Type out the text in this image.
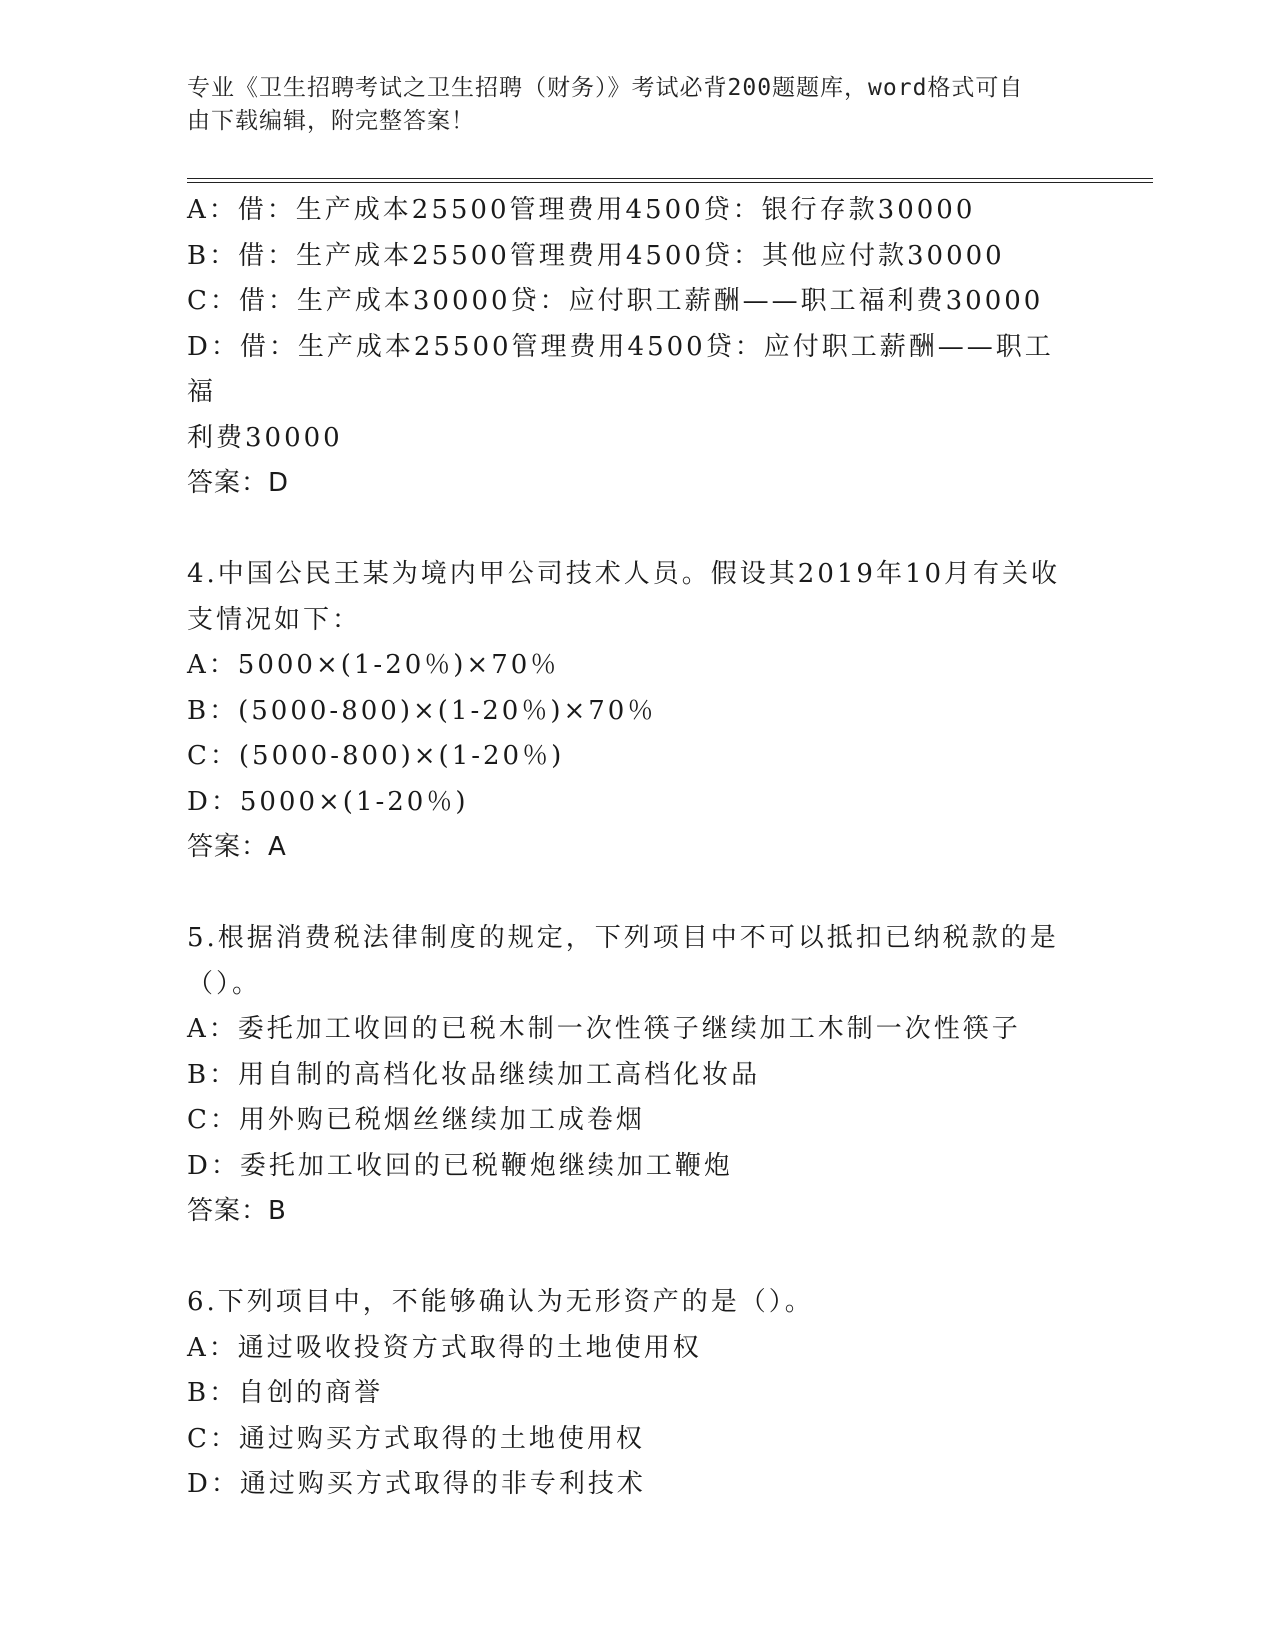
专业《卫生招聘考试之卫生招聘（财务）》考试必背200题题库，word格式可自
由下载编辑，附完整答案！
A：借：生产成本25500管理费用4500贷：银行存款30000
B：借：生产成本25500管理费用4500贷：其他应付款30000
C：借：生产成本30000贷：应付职工薪酬——职工福利费30000
D：借：生产成本25500管理费用4500贷：应付职工薪酬——职工福
利费30000
答案：D
4.中国公民王某为境内甲公司技术人员。假设其2019年10月有关收
支情况如下：
A：5000×(1-20％)×70％
B：(5000-800)×(1-20％)×70％
C：(5000-800)×(1-20％)
D：5000×(1-20％)
答案：A
5.根据消费税法律制度的规定，下列项目中不可以抵扣已纳税款的是
（）。
A：委托加工收回的已税木制一次性筷子继续加工木制一次性筷子
B：用自制的高档化妆品继续加工高档化妆品
C：用外购已税烟丝继续加工成卷烟
D：委托加工收回的已税鞭炮继续加工鞭炮
答案：B
6.下列项目中，不能够确认为无形资产的是（）。
A：通过吸收投资方式取得的土地使用权
B：自创的商誉
C：通过购买方式取得的土地使用权
D：通过购买方式取得的非专利技术
